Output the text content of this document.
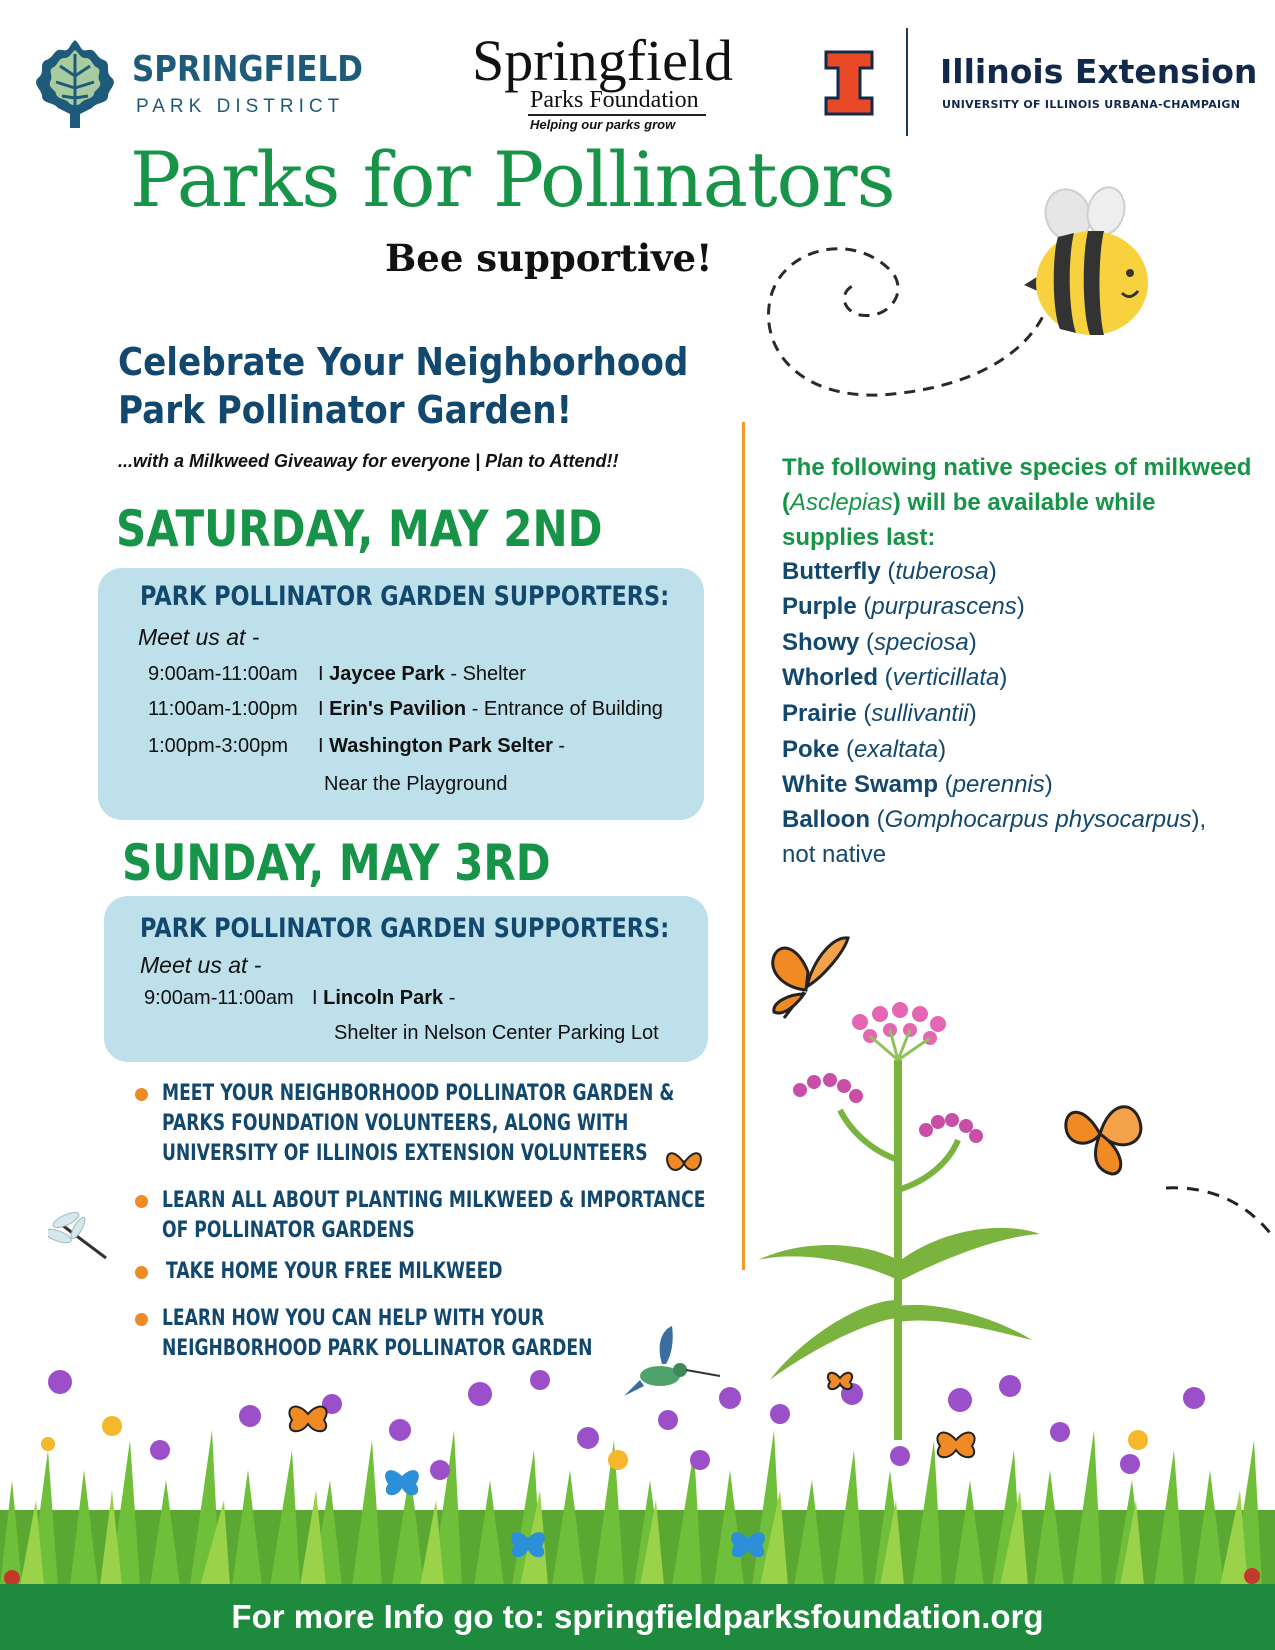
SPRINGFIELD
PARK DISTRICT
Springfield
Parks Foundation
Helping our parks grow
Illinois Extension
UNIVERSITY OF ILLINOIS URBANA-CHAMPAIGN
Parks for Pollinators
Bee supportive!
Celebrate Your Neighborhood
Park Pollinator Garden!
...with a Milkweed Giveaway for everyone | Plan to Attend!!
SATURDAY, MAY 2ND
PARK POLLINATOR GARDEN SUPPORTERS:
Meet us at -
9:00am-11:00am I Jaycee Park - Shelter
11:00am-1:00pm I Erin's Pavilion - Entrance of Building
1:00pm-3:00pm I Washington Park Selter -
Near the Playground
SUNDAY, MAY 3RD
PARK POLLINATOR GARDEN SUPPORTERS:
Meet us at -
9:00am-11:00am I Lincoln Park -
Shelter in Nelson Center Parking Lot
MEET YOUR NEIGHBORHOOD POLLINATOR GARDEN &
PARKS FOUNDATION VOLUNTEERS, ALONG WITH
UNIVERSITY OF ILLINOIS EXTENSION VOLUNTEERS
LEARN ALL ABOUT PLANTING MILKWEED & IMPORTANCE
OF POLLINATOR GARDENS
TAKE HOME YOUR FREE MILKWEED
LEARN HOW YOU CAN HELP WITH YOUR
NEIGHBORHOOD PARK POLLINATOR GARDEN
The following native species of milkweed (Asclepias) will be available while supplies last:
Butterfly (tuberosa)
Purple (purpurascens)
Showy (speciosa)
Whorled (verticillata)
Prairie (sullivantii)
Poke (exaltata)
White Swamp (perennis)
Balloon (Gomphocarpus physocarpus),
not native
For more Info go to: springfieldparksfoundation.org
